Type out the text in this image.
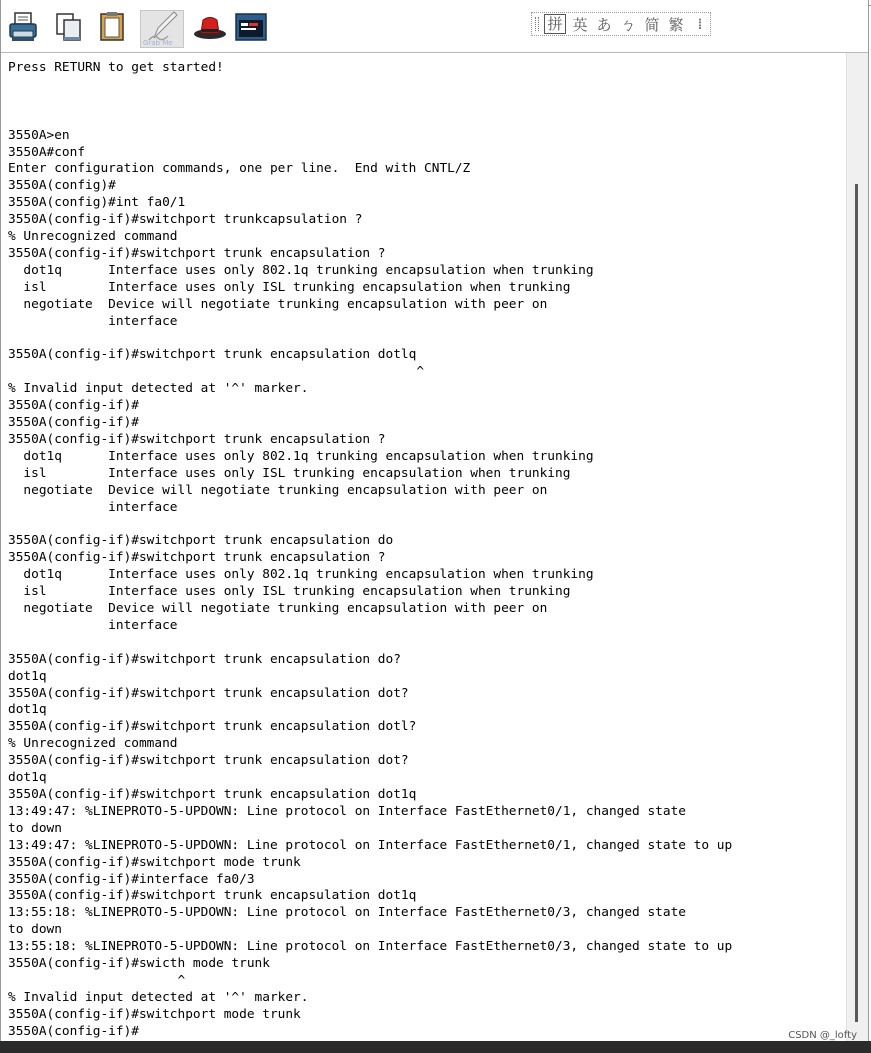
Grab Me
拼 英 あ ㄅ 简 繁 ⁞
Press RETURN to get started!

3550A>en
3550A#conf
Enter configuration commands, one per line.  End with CNTL/Z
3550A(config)#
3550A(config)#int fa0/1
3550A(config-if)#switchport trunkcapsulation ?
% Unrecognized command
3550A(config-if)#switchport trunk encapsulation ?
dot1q      Interface uses only 802.1q trunking encapsulation when trunking
isl        Interface uses only ISL trunking encapsulation when trunking
negotiate  Device will negotiate trunking encapsulation with peer on
interface

3550A(config-if)#switchport trunk encapsulation dotlq
^
% Invalid input detected at '^' marker.
3550A(config-if)#
3550A(config-if)#
3550A(config-if)#switchport trunk encapsulation ?
dot1q      Interface uses only 802.1q trunking encapsulation when trunking
isl        Interface uses only ISL trunking encapsulation when trunking
negotiate  Device will negotiate trunking encapsulation with peer on
interface

3550A(config-if)#switchport trunk encapsulation do
3550A(config-if)#switchport trunk encapsulation ?
dot1q      Interface uses only 802.1q trunking encapsulation when trunking
isl        Interface uses only ISL trunking encapsulation when trunking
negotiate  Device will negotiate trunking encapsulation with peer on
interface

3550A(config-if)#switchport trunk encapsulation do?
dot1q
3550A(config-if)#switchport trunk encapsulation dot?
dot1q
3550A(config-if)#switchport trunk encapsulation dotl?
% Unrecognized command
3550A(config-if)#switchport trunk encapsulation dot?
dot1q
3550A(config-if)#switchport trunk encapsulation dot1q
13:49:47: %LINEPROTO-5-UPDOWN: Line protocol on Interface FastEthernet0/1, changed state
to down
13:49:47: %LINEPROTO-5-UPDOWN: Line protocol on Interface FastEthernet0/1, changed state to up
3550A(config-if)#switchport mode trunk
3550A(config-if)#interface fa0/3
3550A(config-if)#switchport trunk encapsulation dot1q
13:55:18: %LINEPROTO-5-UPDOWN: Line protocol on Interface FastEthernet0/3, changed state
to down
13:55:18: %LINEPROTO-5-UPDOWN: Line protocol on Interface FastEthernet0/3, changed state to up
3550A(config-if)#swicth mode trunk
^
% Invalid input detected at '^' marker.
3550A(config-if)#switchport mode trunk
3550A(config-if)#	CSDN @_lofty
